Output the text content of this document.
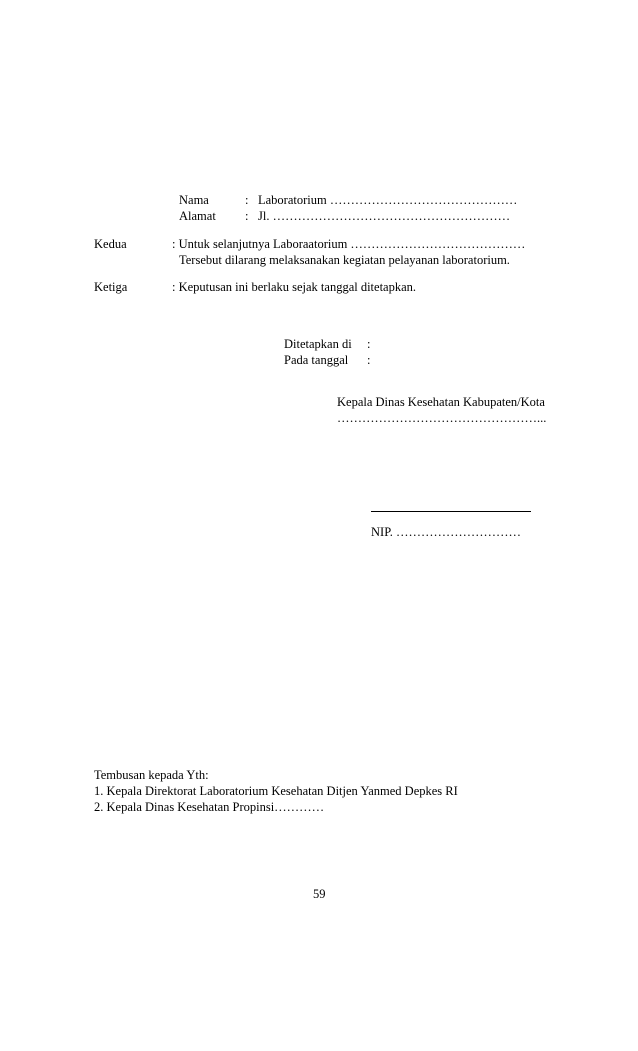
Nama	: Laboratorium ………………………………………
Alamat : Jl. …………………………………………………
Kedua	: Untuk selanjutnya Laboraatorium ……………………………………
Tersebut dilarang melaksanakan kegiatan pelayanan laboratorium.
Ketiga	: Keputusan ini berlaku sejak tanggal ditetapkan.
Ditetapkan di :
Pada tanggal :
Kepala Dinas Kesehatan Kabupaten/Kota
…………………………………………...
NIP. …………………………
Tembusan kepada Yth:
1. Kepala Direktorat Laboratorium Kesehatan Ditjen Yanmed Depkes RI
2. Kepala Dinas Kesehatan Propinsi…………
59
